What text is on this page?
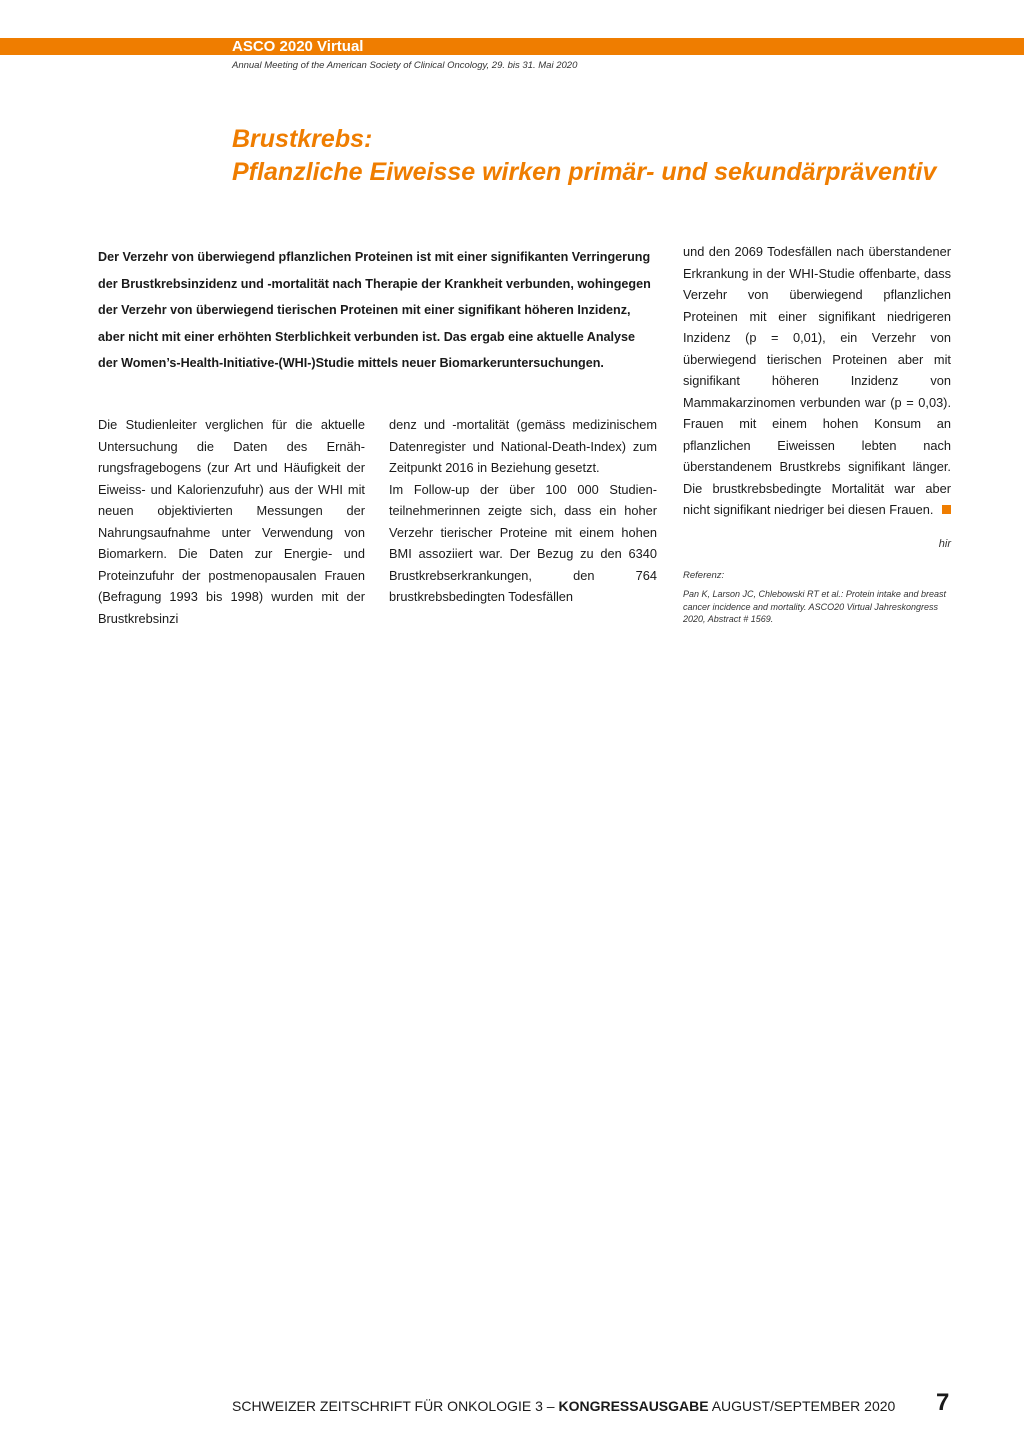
ASCO 2020 Virtual
Annual Meeting of the American Society of Clinical Oncology, 29. bis 31. Mai 2020
Brustkrebs:
Pflanzliche Eiweisse wirken primär- und sekundärpräventiv
Der Verzehr von überwiegend pflanzlichen Proteinen ist mit einer signifikanten Verringerung der Brustkrebsinzidenz und -mortalität nach Therapie der Krankheit verbunden, wohingegen der Verzehr von überwiegend tierischen Proteinen mit einer signifikant höheren Inzidenz, aber nicht mit einer erhöhten Sterblichkeit verbunden ist. Das ergab eine aktuelle Analyse der Women’s-Health-Initiative-(WHI-)Studie mittels neuer Biomarkeruntersuchungen.
Die Studienleiter verglichen für die aktuelle Untersuchung die Daten des Ernährungsfragebogens (zur Art und Häufigkeit der Eiweiss- und Kalorienzufuhr) aus der WHI mit neuen objektivierten Messungen der Nahrungsaufnahme unter Verwendung von Biomarkern. Die Daten zur Energie- und Proteinzufuhr der postmenopausalen Frauen (Befragung 1993 bis 1998) wurden mit der Brustkrebsinzi
denz und -mortalität (gemäss medizinischem Datenregister und National-Death-Index) zum Zeitpunkt 2016 in Beziehung gesetzt.
Im Follow-up der über 100 000 Studienteilnehmerinnen zeigte sich, dass ein hoher Verzehr tierischer Proteine mit einem hohen BMI assoziiert war. Der Bezug zu den 6340 Brustkrebserkrankungen, den 764 brustkrebsbedingten Todesfällen
und den 2069 Todesfällen nach überstandener Erkrankung in der WHI-Studie offenbarte, dass Verzehr von überwiegend pflanzlichen Proteinen mit einer signifikant niedrigeren Inzidenz (p = 0,01), ein Verzehr von überwiegend tierischen Proteinen aber mit signifikant höheren Inzidenz von Mammakarzinomen verbunden war (p = 0,03). Frauen mit einem hohen Konsum an pflanzlichen Eiweissen lebten nach überstandenem Brustkrebs signifikant länger. Die brustkrebsbedingte Mortalität war aber nicht signifikant niedriger bei diesen Frauen.
hir
Referenz:
Pan K, Larson JC, Chlebowski RT et al.: Protein intake and breast cancer incidence and mortality. ASCO20 Virtual Jahreskongress 2020, Abstract # 1569.
SCHWEIZER ZEITSCHRIFT FÜR ONKOLOGIE 3 – KONGRESSAUSGABE AUGUST/SEPTEMBER 2020 7
